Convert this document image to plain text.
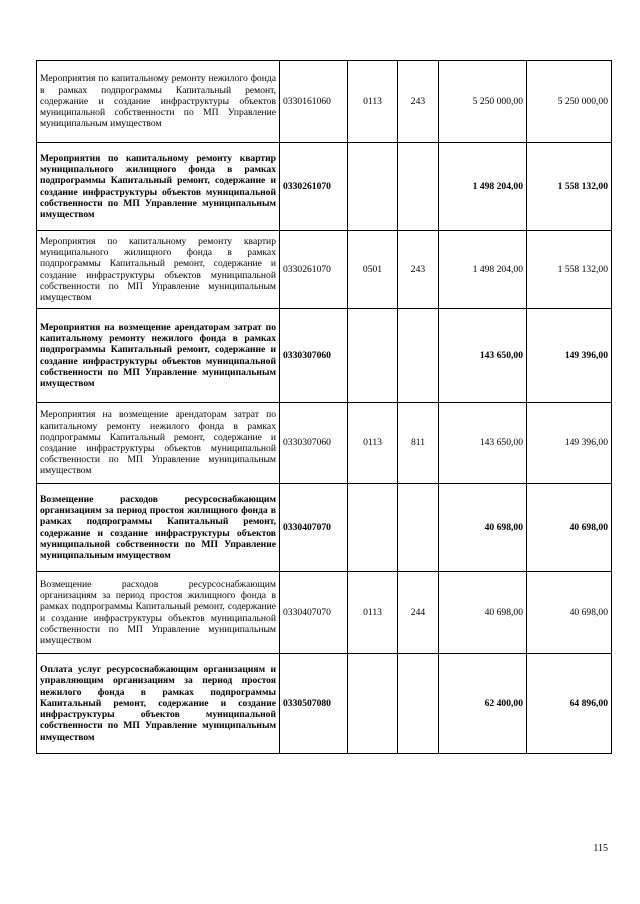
Мероприятия по капитальному ремонту нежилого фонда в рамках подпрограммы Капитальный ремонт, содержание и создание инфраструктуры объектов муниципальной собственности по МП Управление муниципальным имуществом	0330161060	0113	243	5 250 000,00	5 250 000,00
Мероприятия по капитальному ремонту квартир муниципального жилищного фонда в рамках подпрограммы Капитальный ремонт, содержание и создание инфраструктуры объектов муниципальной собственности по МП Управление муниципальным имуществом	0330261070			1 498 204,00	1 558 132,00
Мероприятия по капитальному ремонту квартир муниципального жилищного фонда в рамках подпрограммы Капитальный ремонт, содержание и создание инфраструктуры объектов муниципальной собственности по МП Управление муниципальным имуществом	0330261070	0501	243	1 498 204,00	1 558 132,00
Мероприятия на возмещение арендаторам затрат по капитальному ремонту нежилого фонда в рамках подпрограммы Капитальный ремонт, содержание и создание инфраструктуры объектов муниципальной собственности по МП Управление муниципальным имуществом	0330307060			143 650,00	149 396,00
Мероприятия на возмещение арендаторам затрат по капитальному ремонту нежилого фонда в рамках подпрограммы Капитальный ремонт, содержание и создание инфраструктуры объектов муниципальной собственности по МП Управление муниципальным имуществом	0330307060	0113	811	143 650,00	149 396,00
Возмещение расходов ресурсоснабжающим организациям за период простоя жилищного фонда в рамках подпрограммы Капитальный ремонт, содержание и создание инфраструктуры объектов муниципальной собственности по МП Управление муниципальным имуществом	0330407070			40 698,00	40 698,00
Возмещение расходов ресурсоснабжающим организациям за период простоя жилищного фонда в рамках подпрограммы Капитальный ремонт, содержание и создание инфраструктуры объектов муниципальной собственности по МП Управление муниципальным имуществом	0330407070	0113	244	40 698,00	40 698,00
Оплата услуг ресурсоснабжающим организациям и управляющим организациям за период простоя нежилого фонда в рамках подпрограммы Капитальный ремонт, содержание и создание инфраструктуры объектов муниципальной собственности по МП Управление муниципальным имуществом	0330507080			62 400,00	64 896,00
115
